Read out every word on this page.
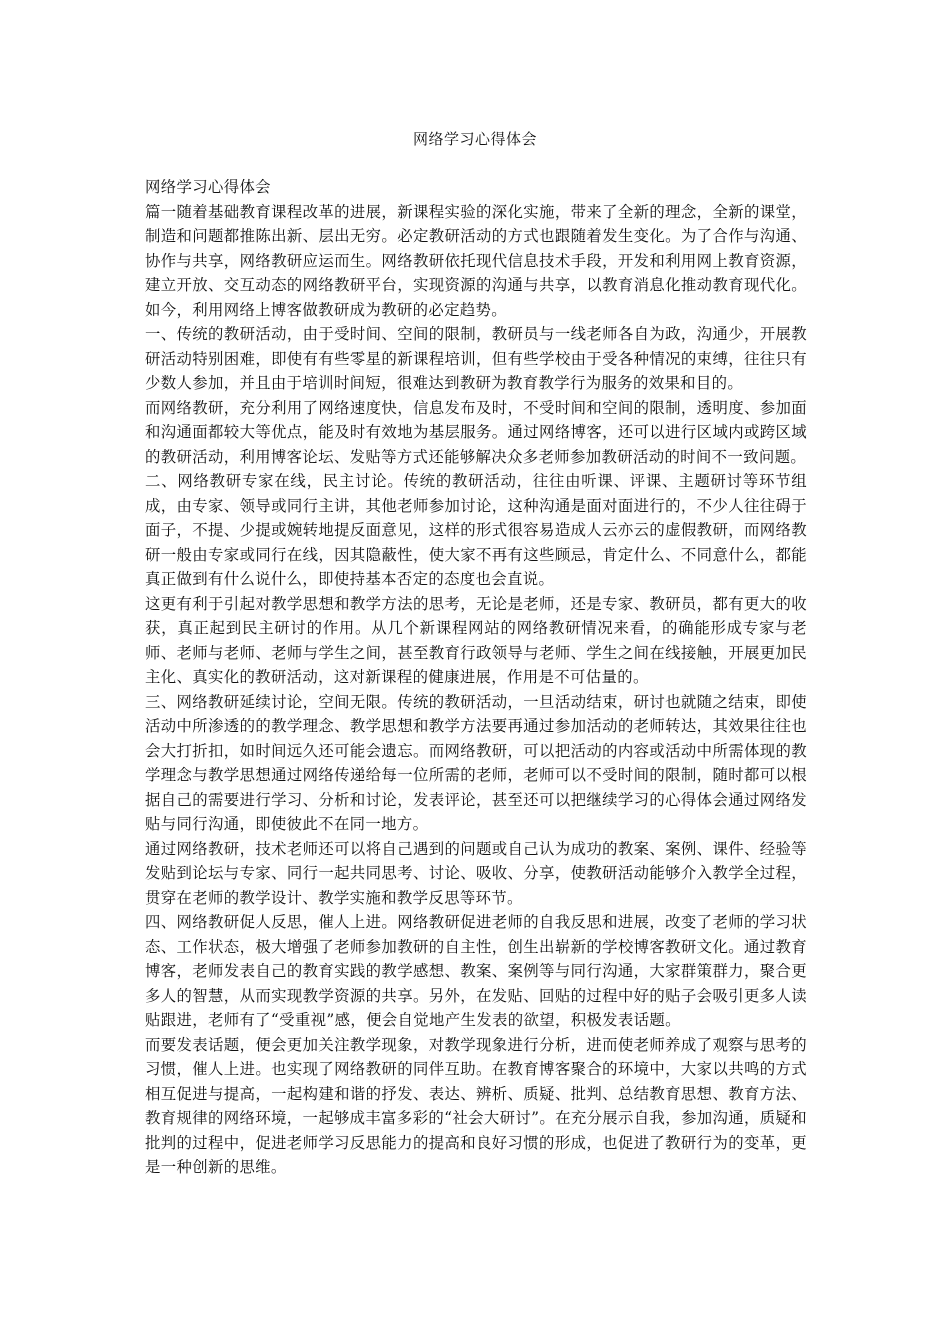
网络学习心得体会

网络学习心得体会

篇一随着基础教育课程改革的进展，新课程实验的深化实施，带来了全新的理念，全新的课堂，制造和问题都推陈出新、层出无穷。必定教研活动的方式也跟随着发生变化。为了合作与沟通、协作与共享，网络教研应运而生。网络教研依托现代信息技术手段，开发和利用网上教育资源，建立开放、交互动态的网络教研平台，实现资源的沟通与共享，以教育消息化推动教育现代化。如今，利用网络上博客做教研成为教研的必定趋势。

一、传统的教研活动，由于受时间、空间的限制，教研员与一线老师各自为政，沟通少，开展教研活动特别困难，即使有有些零星的新课程培训，但有些学校由于受各种情况的束缚，往往只有少数人参加，并且由于培训时间短，很难达到教研为教育教学行为服务的效果和目的。

而网络教研，充分利用了网络速度快，信息发布及时，不受时间和空间的限制，透明度、参加面和沟通面都较大等优点，能及时有效地为基层服务。通过网络博客，还可以进行区域内或跨区域的教研活动，利用博客论坛、发贴等方式还能够解决众多老师参加教研活动的时间不一致问题。

二、网络教研专家在线，民主讨论。传统的教研活动，往往由听课、评课、主题研讨等环节组成，由专家、领导或同行主讲，其他老师参加讨论，这种沟通是面对面进行的，不少人往往碍于面子，不提、少提或婉转地提反面意见，这样的形式很容易造成人云亦云的虚假教研，而网络教研一般由专家或同行在线，因其隐蔽性，使大家不再有这些顾忌，肯定什么、不同意什么，都能真正做到有什么说什么，即使持基本否定的态度也会直说。

这更有利于引起对教学思想和教学方法的思考，无论是老师，还是专家、教研员，都有更大的收获，真正起到民主研讨的作用。从几个新课程网站的网络教研情况来看，的确能形成专家与老师、老师与老师、老师与学生之间，甚至教育行政领导与老师、学生之间在线接触，开展更加民主化、真实化的教研活动，这对新课程的健康进展，作用是不可估量的。

三、网络教研延续讨论，空间无限。传统的教研活动，一旦活动结束，研讨也就随之结束，即使活动中所渗透的的教学理念、教学思想和教学方法要再通过参加活动的老师转达，其效果往往也会大打折扣，如时间远久还可能会遗忘。而网络教研，可以把活动的内容或活动中所需体现的教学理念与教学思想通过网络传递给每一位所需的老师，老师可以不受时间的限制，随时都可以根据自己的需要进行学习、分析和讨论，发表评论，甚至还可以把继续学习的心得体会通过网络发贴与同行沟通，即使彼此不在同一地方。

通过网络教研，技术老师还可以将自己遇到的问题或自己认为成功的教案、案例、课件、经验等发贴到论坛与专家、同行一起共同思考、讨论、吸收、分享，使教研活动能够介入教学全过程，贯穿在老师的教学设计、教学实施和教学反思等环节。

四、网络教研促人反思，催人上进。网络教研促进老师的自我反思和进展，改变了老师的学习状态、工作状态，极大增强了老师参加教研的自主性，创生出崭新的学校博客教研文化。通过教育博客，老师发表自己的教育实践的教学感想、教案、案例等与同行沟通，大家群策群力，聚合更多人的智慧，从而实现教学资源的共享。另外，在发贴、回贴的过程中好的贴子会吸引更多人读贴跟进，老师有了“受重视”感，便会自觉地产生发表的欲望，积极发表话题。

而要发表话题，便会更加关注教学现象，对教学现象进行分析，进而使老师养成了观察与思考的习惯，催人上进。也实现了网络教研的同伴互助。在教育博客聚合的环境中，大家以共鸣的方式相互促进与提高，一起构建和谐的抒发、表达、辨析、质疑、批判、总结教育思想、教育方法、教育规律的网络环境，一起够成丰富多彩的“社会大研讨”。在充分展示自我，参加沟通，质疑和批判的过程中，促进老师学习反思能力的提高和良好习惯的形成，也促进了教研行为的变革，更是一种创新的思维。
